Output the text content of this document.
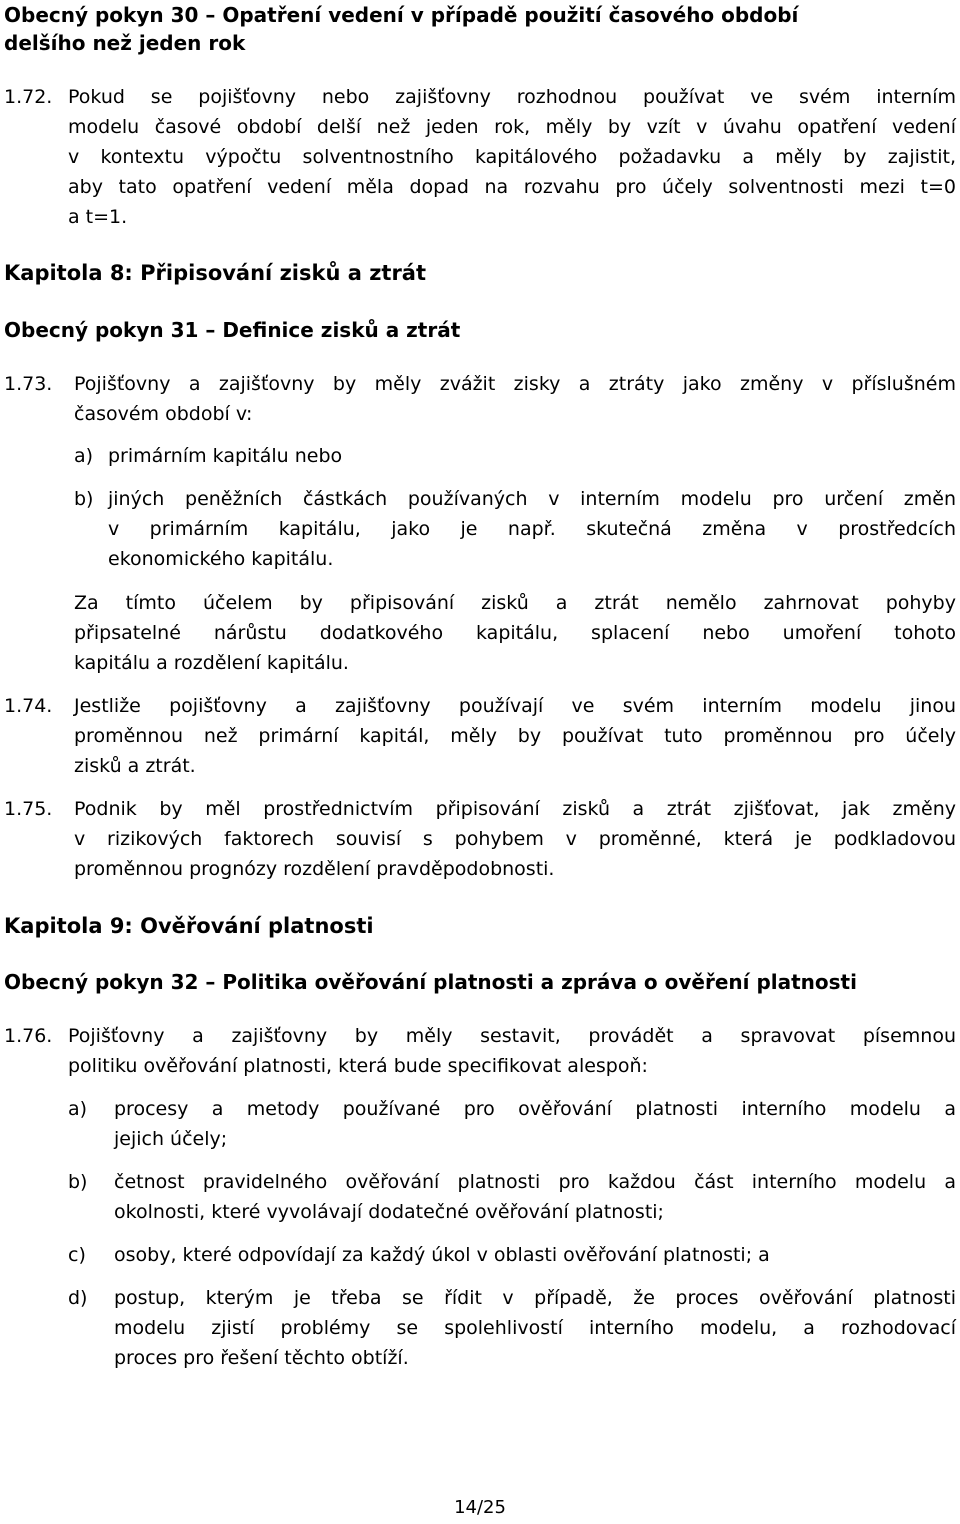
Obecný pokyn 30 – Opatření vedení v případě použití časového období

delšího než jeden rok

1.72. Pokud se pojišťovny nebo zajišťovny rozhodnou používat ve svém interním
modelu časové období delší než jeden rok, měly by vzít v úvahu opatření vedení
v kontextu výpočtu solventnostního kapitálového požadavku a měly by zajistit,
aby tato opatření vedení měla dopad na rozvahu pro účely solventnosti mezi t=0
a t=1.

Kapitola 8: Připisování zisků a ztrát

Obecný pokyn 31 – Definice zisků a ztrát

1.73. Pojišťovny a zajišťovny by měly zvážit zisky a ztráty jako změny v příslušném
časovém období v:

a) primárním kapitálu nebo

b) jiných peněžních částkách používaných v interním modelu pro určení změn
v primárním kapitálu, jako je např. skutečná změna v prostředcích
ekonomického kapitálu.
Za tímto účelem by připisování zisků a ztrát nemělo zahrnovat pohyby
připsatelné nárůstu dodatkového kapitálu, splacení nebo umoření tohoto
kapitálu a rozdělení kapitálu.

1.74. Jestliže pojišťovny a zajišťovny používají ve svém interním modelu jinou
proměnnou než primární kapitál, měly by používat tuto proměnnou pro účely
zisků a ztrát.

1.75. Podnik by měl prostřednictvím připisování zisků a ztrát zjišťovat, jak změny
v rizikových faktorech souvisí s pohybem v proměnné, která je podkladovou
proměnnou prognózy rozdělení pravděpodobnosti.

Kapitola 9: Ověřování platnosti

Obecný pokyn 32 – Politika ověřování platnosti a zpráva o ověření platnosti

1.76. Pojišťovny a zajišťovny by měly sestavit, provádět a spravovat písemnou
politiku ověřování platnosti, která bude specifikovat alespoň:

a) procesy a metody používané pro ověřování platnosti interního modelu a
jejich účely;

b) četnost pravidelného ověřování platnosti pro každou část interního modelu a
okolnosti, které vyvolávají dodatečné ověřování platnosti;

c) osoby, které odpovídají za každý úkol v oblasti ověřování platnosti; a

d) postup, kterým je třeba se řídit v případě, že proces ověřování platnosti
modelu zjistí problémy se spolehlivostí interního modelu, a rozhodovací
proces pro řešení těchto obtíží.
14/25
